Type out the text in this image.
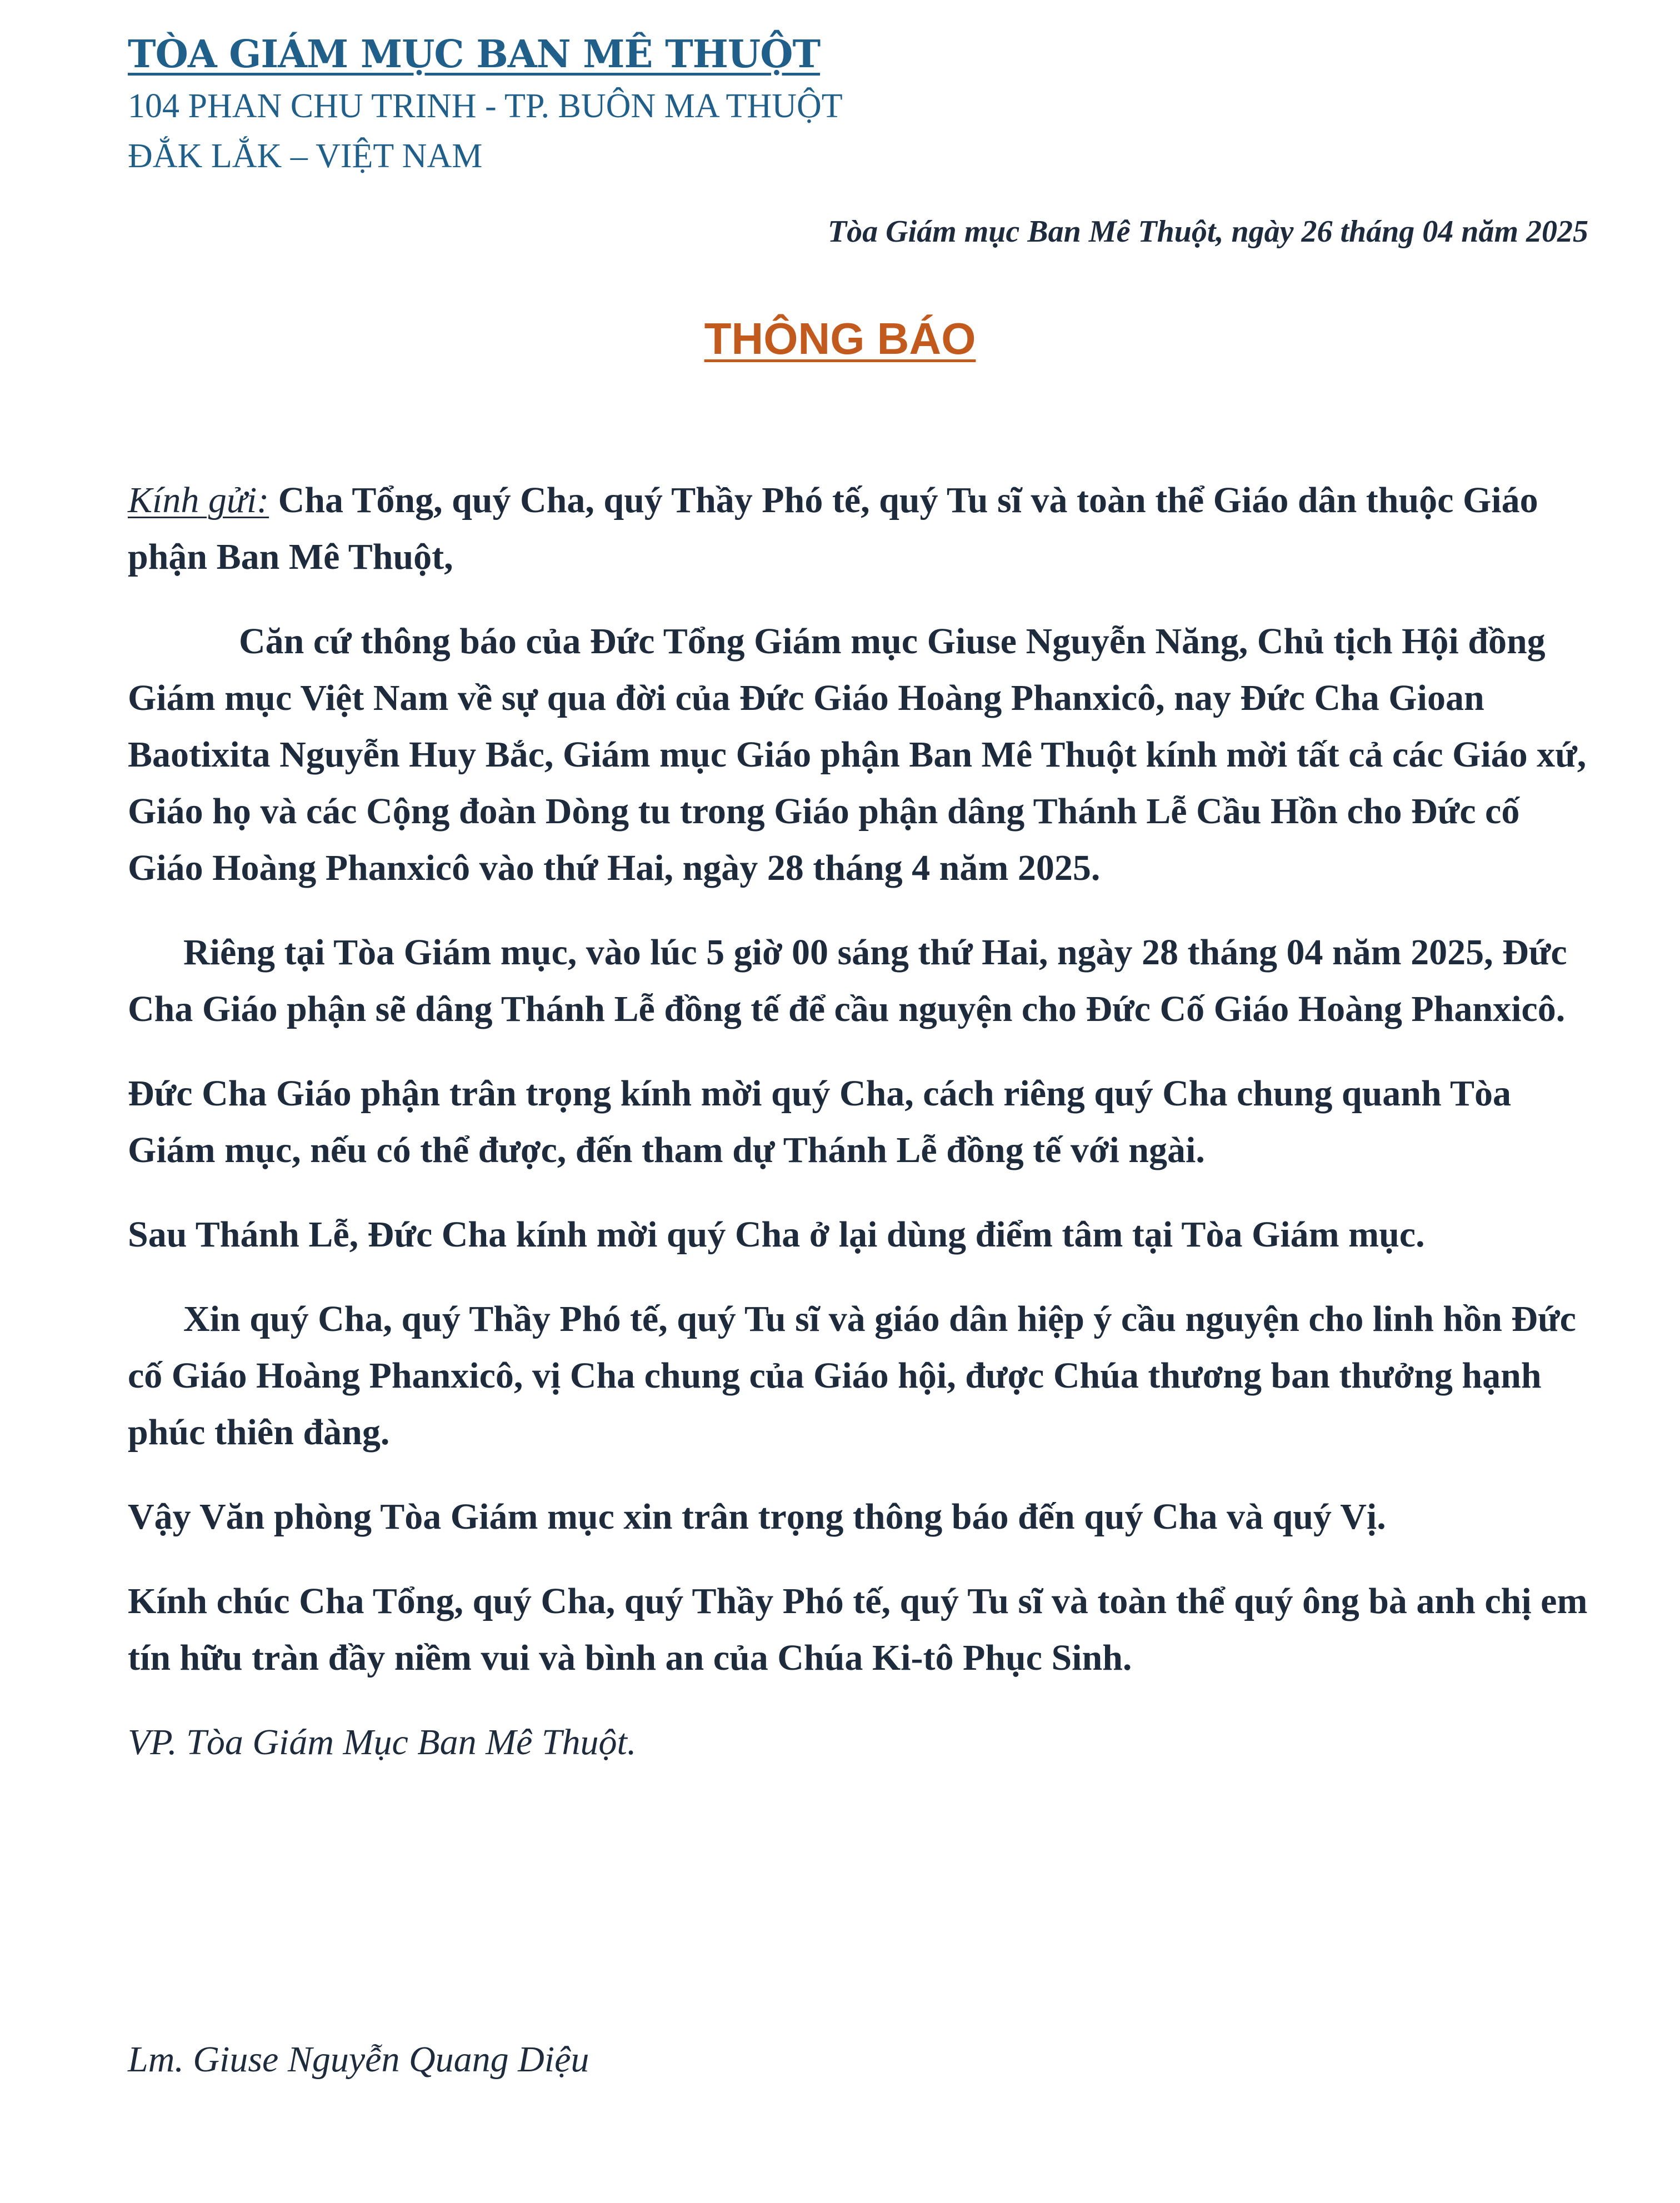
TÒA GIÁM MỤC BAN MÊ THUỘT
104 PHAN CHU TRINH - TP. BUÔN MA THUỘT
ĐẮK LẮK – VIỆT NAM
Tòa Giám mục Ban Mê Thuột, ngày 26 tháng 04 năm 2025
THÔNG BÁO

Kính gửi: Cha Tổng, quý Cha, quý Thầy Phó tế, quý Tu sĩ và toàn thể Giáo dân thuộc Giáo phận Ban Mê Thuột,

Căn cứ thông báo của Đức Tổng Giám mục Giuse Nguyễn Năng, Chủ tịch Hội đồng Giám mục Việt Nam về sự qua đời của Đức Giáo Hoàng Phanxicô, nay Đức Cha Gioan Baotixita Nguyễn Huy Bắc, Giám mục Giáo phận Ban Mê Thuột kính mời tất cả các Giáo xứ, Giáo họ và các Cộng đoàn Dòng tu trong Giáo phận dâng Thánh Lễ Cầu Hồn cho Đức cố Giáo Hoàng Phanxicô vào thứ Hai, ngày 28 tháng 4 năm 2025.

Riêng tại Tòa Giám mục, vào lúc 5 giờ 00 sáng thứ Hai, ngày 28 tháng 04 năm 2025, Đức Cha Giáo phận sẽ dâng Thánh Lễ đồng tế để cầu nguyện cho Đức Cố Giáo Hoàng Phanxicô.

Đức Cha Giáo phận trân trọng kính mời quý Cha, cách riêng quý Cha chung quanh Tòa Giám mục, nếu có thể được, đến tham dự Thánh Lễ đồng tế với ngài.

Sau Thánh Lễ, Đức Cha kính mời quý Cha ở lại dùng điểm tâm tại Tòa Giám mục.

Xin quý Cha, quý Thầy Phó tế, quý Tu sĩ và giáo dân hiệp ý cầu nguyện cho linh hồn Đức cố Giáo Hoàng Phanxicô, vị Cha chung của Giáo hội, được Chúa thương ban thưởng hạnh phúc thiên đàng.

Vậy Văn phòng Tòa Giám mục xin trân trọng thông báo đến quý Cha và quý Vị.

Kính chúc Cha Tổng, quý Cha, quý Thầy Phó tế, quý Tu sĩ và toàn thể quý ông bà anh chị em tín hữu tràn đầy niềm vui và bình an của Chúa Ki-tô Phục Sinh.

VP. Tòa Giám Mục Ban Mê Thuột.

Lm. Giuse Nguyễn Quang Diệu
